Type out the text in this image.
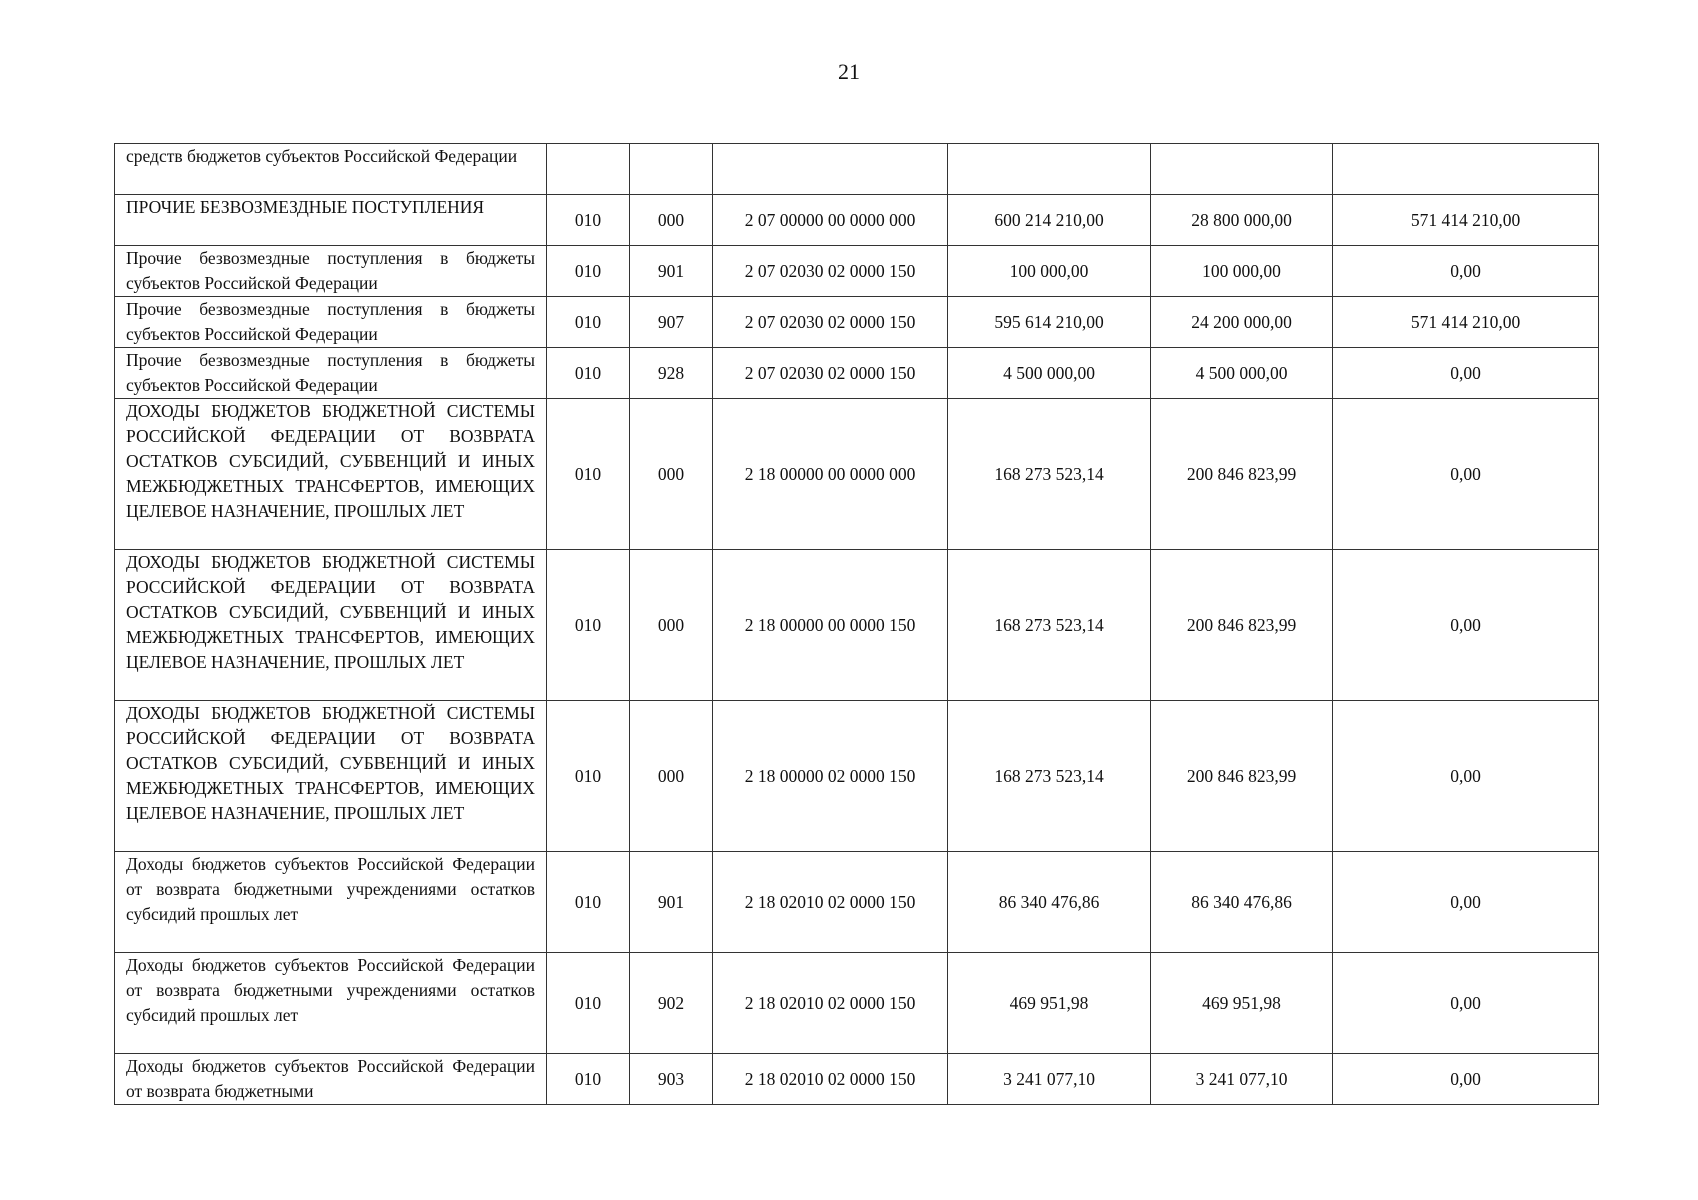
21
средств бюджетов субъектов Российской Федерации						
ПРОЧИЕ БЕЗВОЗМЕЗДНЫЕ ПОСТУПЛЕНИЯ	010	000	2 07 00000 00 0000 000	600 214 210,00	28 800 000,00	571 414 210,00
Прочие безвозмездные поступления в бюджеты субъектов Российской Федерации	010	901	2 07 02030 02 0000 150	100 000,00	100 000,00	0,00
Прочие безвозмездные поступления в бюджеты субъектов Российской Федерации	010	907	2 07 02030 02 0000 150	595 614 210,00	24 200 000,00	571 414 210,00
Прочие безвозмездные поступления в бюджеты субъектов Российской Федерации	010	928	2 07 02030 02 0000 150	4 500 000,00	4 500 000,00	0,00
ДОХОДЫ БЮДЖЕТОВ БЮДЖЕТНОЙ СИСТЕМЫ РОССИЙСКОЙ ФЕДЕРАЦИИ ОТ ВОЗВРАТА ОСТАТКОВ СУБСИДИЙ, СУБВЕНЦИЙ И ИНЫХ МЕЖБЮДЖЕТНЫХ ТРАНСФЕРТОВ, ИМЕЮЩИХ ЦЕЛЕВОЕ НАЗНАЧЕНИЕ, ПРОШЛЫХ ЛЕТ	010	000	2 18 00000 00 0000 000	168 273 523,14	200 846 823,99	0,00
ДОХОДЫ БЮДЖЕТОВ БЮДЖЕТНОЙ СИСТЕМЫ РОССИЙСКОЙ ФЕДЕРАЦИИ ОТ ВОЗВРАТА ОСТАТКОВ СУБСИДИЙ, СУБВЕНЦИЙ И ИНЫХ МЕЖБЮДЖЕТНЫХ ТРАНСФЕРТОВ, ИМЕЮЩИХ ЦЕЛЕВОЕ НАЗНАЧЕНИЕ, ПРОШЛЫХ ЛЕТ	010	000	2 18 00000 00 0000 150	168 273 523,14	200 846 823,99	0,00
ДОХОДЫ БЮДЖЕТОВ БЮДЖЕТНОЙ СИСТЕМЫ РОССИЙСКОЙ ФЕДЕРАЦИИ ОТ ВОЗВРАТА ОСТАТКОВ СУБСИДИЙ, СУБВЕНЦИЙ И ИНЫХ МЕЖБЮДЖЕТНЫХ ТРАНСФЕРТОВ, ИМЕЮЩИХ ЦЕЛЕВОЕ НАЗНАЧЕНИЕ, ПРОШЛЫХ ЛЕТ	010	000	2 18 00000 02 0000 150	168 273 523,14	200 846 823,99	0,00
Доходы бюджетов субъектов Российской Федерации от возврата бюджетными учреждениями остатков субсидий прошлых лет	010	901	2 18 02010 02 0000 150	86 340 476,86	86 340 476,86	0,00
Доходы бюджетов субъектов Российской Федерации от возврата бюджетными учреждениями остатков субсидий прошлых лет	010	902	2 18 02010 02 0000 150	469 951,98	469 951,98	0,00
Доходы бюджетов субъектов Российской Федерации от возврата бюджетными	010	903	2 18 02010 02 0000 150	3 241 077,10	3 241 077,10	0,00
